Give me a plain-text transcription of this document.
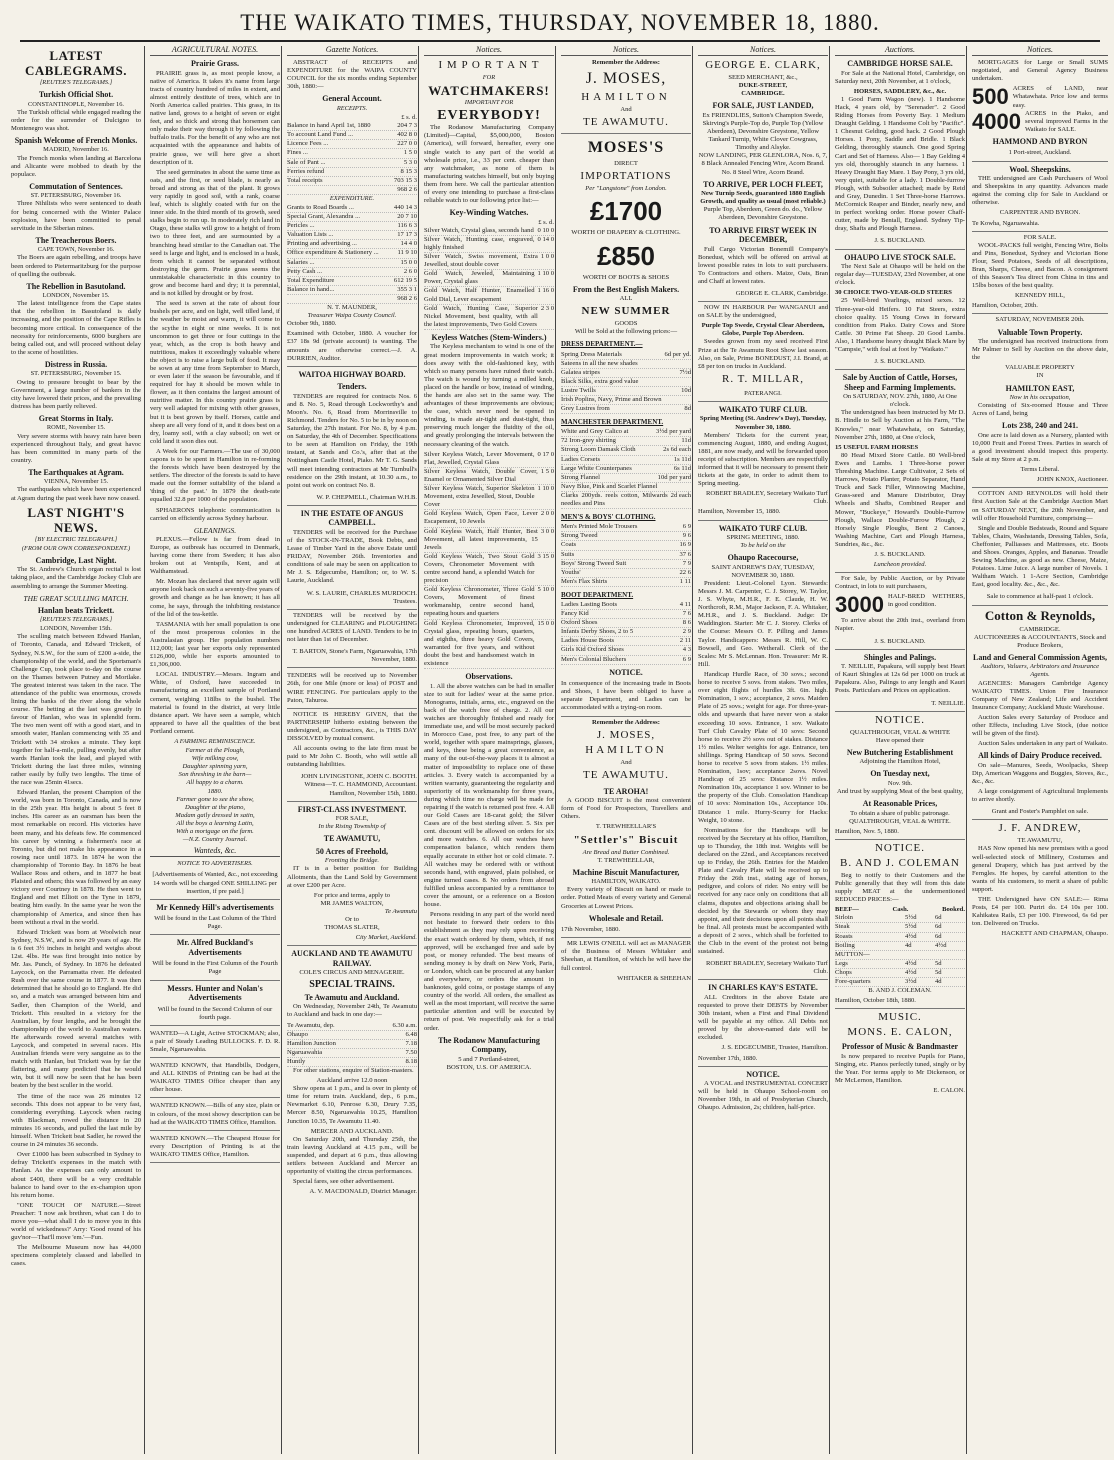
THE WAIKATO TIMES, THURSDAY, NOVEMBER 18, 1880.
LATEST CABLEGRAMS.
[REUTER'S TELEGRAMS.]
Turkish Official Shot.
CONSTANTINOPLE, November 16.

The Turkish official while engaged reading the order for the surrender of Dulcigno to Montenegro was shot.

Spanish Welcome of French Monks.
MADRID, November 16.

The French monks when landing at Barcelona and Alicante were mobbed to death by the populace.

Commutation of Sentences.
ST. PETERSBURG, November 16.

Three Nihilists who were sentenced to death for being concerned with the Winter Palace explosion, have been committed to penal servitude in the Siberian mines.

The Treacherous Boers.
CAPE TOWN, November 16.

The Boers are again rebelling, and troops have been ordered to Pietermaritzburg for the purpose of quelling the outbreak.

The Rebellion in Basutoland.
LONDON, November 15.

The latest intelligence from the Cape states that the rebellion in Basutoland is daily increasing, and the position of the Cape Rifles is becoming more critical. In consequence of the necessity for reinforcements, 6000 burghers are being called out, and will proceed without delay to the scene of hostilities.

Distress in Russia.
ST. PETERSBURG, November 15.

Owing to pressure brought to bear by the Government, a large number of bankers in the city have lowered their prices, and the prevailing distress has been partly relieved.

Great Storms in Italy.
ROME, November 15.

Very severe storms with heavy rain have been experienced throughout Italy, and great havoc has been committed in many parts of the country.

The Earthquakes at Agram.
VIENNA, November 15.

The earthquakes which have been experienced at Agram during the past week have now ceased.

LAST NIGHT'S NEWS.
[BY ELECTRIC TELEGRAPH.]
(FROM OUR OWN CORRESPONDENT.)
Cambridge, Last Night.

The St. Andrew's Church organ recital is lost taking place, and the Cambridge Jockey Club are assembling to arrange the Summer Meeting.

THE GREAT SCULLING MATCH.
Hanlan beats Trickett.
[REUTER'S TELEGRAMS.]
LONDON, November 15th.

The sculling match between Edward Hanlan, of Toronto, Canada, and Edward Trickett, of Sydney, N.S.W., for the sum of £200 a-side, the championship of the world, and the Sportsman's Challenge Cup, took place to-day on the course on the Thames between Putney and Mortlake. The greatest interest was taken in the race. The attendance of the public was enormous, crowds lining the banks of the river along the whole course. The betting at the last was greatly in favour of Hanlan, who was in splendid form. The two men went off with a good start, and in smooth water, Hanlan commencing with 35 and Trickett with 34 strokes a minute. They kept together for half-a-mile, pulling evenly, but after wards Hanlan took the lead, and played with Trickett during the last three miles, winning rather easily by fully two lengths. The time of the race was 25min 41secs.

Edward Hanlan, the present Champion of the world, was born in Toronto, Canada, and is now in the 25th year. His height is about 5 feet 8 inches. His career as an oarsman has been the most remarkable on record. His victories have been many, and his defeats few. He commenced his career by winning a fishermen's race at Toronto, but did not make his appearance in a rowing race until 1873. In 1874 he won the championship of Toronto Bay. In 1876 he beat Wallace Ross and others, and in 1877 he beat Plaisted and others; this was followed by an easy victory over Courtney in 1878. He then went to England and met Elliott on the Tyne in 1879, beating him easily. In the same year he won the championship of America, and since then has been without a rival in the world.

Edward Trickett was born at Woolwich near Sydney, N.S.W., and is now 29 years of age. He is 6 feet 3½ inches in height and weighs about 12st. 4lbs. He was first brought into notice by Mr. Jas. Punch, of Sydney. In 1876 he defeated Laycock, on the Parramatta river. He defeated Rush over the same course in 1877. It was then determined that he should go to England. He did so, and a match was arranged between him and Sadler, then Champion of the World, and Trickett. This resulted in a victory for the Australian, by four lengths, and he brought the championship of the world to Australian waters. He afterwards rowed several matches with Laycock, and competed in several races. His Australian friends were very sanguine as to the match with Hanlan, but Trickett was by far the flattering, and many predicted that he would win, but it will now be seen that he has been beaten by the best sculler in the world.

The time of the race was 26 minutes 12 seconds. This does not appear to be very fast, considering everything. Laycock when racing with Blackman, rowed the distance in 20 minutes 16 seconds, and pulled the last mile by himself. When Trickett beat Sadler, he rowed the course in 24 minutes 36 seconds.

Over £1000 has been subscribed in Sydney to defray Trickett's expenses in the match with Hanlan. As the expenses can only amount to about £400, there will be a very creditable balance to hand over to the ex-champion upon his return home.

"ONE TOUCH OF NATURE.—Street Preacher: 'I now ask brethren, what can I do to move you—what shall I do to move you in this world of wickedness?' Arry: 'Good round of his guv'nor—That'll move 'em.'—Fun.

The Melbourne Museum now has 44,000 specimens completely classed and labelled in cases.

AGRICULTURAL NOTES.
Prairie Grass.

PRAIRIE grass is, as most people know, a native of America. It takes it's name from large tracts of country hundred of miles in extent, and almost entirely destitute of trees, which are in North America called prairies. This grass, in its native land, grows to a height of seven or eight feet, and so thick and strong that horsemen can only make their way through it by following the buffalo trails. For the benefit of any who are not acquainted with the appearance and habits of prairie grass, we will here give a short description of it.

The seed germinates in about the same time as oats, and the first, or seed blade, is nearly as broad and strong as that of the plant. It grows very rapidly in good soil, with a rank, coarse leaf, which is slightly coated with fur on the inner side. In the third month of its growth, seed stalks begin to run up. In moderately rich land in Otago, these stalks will grow to a height of from two to three feet, and are surmounted by a branching head similar to the Canadian oat. The seed is large and light, and is enclosed in a husk, from which it cannot be separated without destroying the germ. Prairie grass seems the unmistakable characteristic in this country to grow and become hard and dry; it is perennial, and is not killed by drought or by frost.

The seed is sown at the rate of about four bushels per acre, and on light, well tilled land, if the weather be moist and warm, it will come to the scythe in eight or nine weeks. It is not uncommon to get three or four cuttings in the year, which, as the crop is both heavy and nutritious, makes it exceedingly valuable where the object is to raise a large bulk of food. It may be sown at any time from September to March, or even later if the season be favourable, and if required for hay it should be mown while in flower, as it then contains the largest amount of nutritive matter. In this country prairie grass is very well adapted for mixing with other grasses, but it is best grown by itself. Horses, cattle and sheep are all very fond of it, and it does best on a dry, loamy soil, with a clay subsoil; on wet or cold land it soon dies out.

A Week for our Farmers.—The use of 30,000 capons is to be spent in Hamilton in re-forming the forests which have been destroyed by the settlers. The director of the forests is said to have made out the former suitability of the island a 'thing of the past.' In 1879 the death-rate equalled 32.8 per 1000 of the population.

SPHAERONS telephonic communication is carried on efficiently across Sydney harbour.

GLEANINGS.

PLEXUS.—Fellow is far from dead in Europe, as outbreak has occurred in Denmark, having come there from Sweden; it has also broken out at Ventspils, Kent, and at Walthamstead.

Mr. Mozan has declared that never again will anyone look back on such a seventy-five years of growth and change as he has known; it has all come, he says, through the inhibiting resistance of the lid of the tea-kettle.

TASMANIA with her small population is one of the most prosperous colonies in the Australasian group. Her population numbers 112,000; last year her exports only represented £126,000, while her exports amounted to £1,306,000.

LOCAL INDUSTRY.—Messrs. Ingram and White, of Oxford, have succeeded in manufacturing an excellent sample of Portland cement, weighing 118lbs to the bushel. The material is found in the district, at very little distance apart. We have seen a sample, which appeared to have all the qualities of the best Portland cement.

A FARMING REMINISCENCE.
Farmer at the Plough,
Wife milking cow,
Daughter spinning yarn,
Son threshing in the barn—
All happy to a charm.
1880.
Farmer gone to see the show,
Daughter at the piano,
Madam gaily dressed in satin,
All the boys a learning Latin,
With a mortgage on the farm.
—N.Z. Country Journal.
Wanteds, &c.
NOTICE TO ADVERTISERS.
[Advertisements of Wanted, &c., not exceeding 14 words will be charged ONE SHILLING per insertion, if pre paid.]
Mr Kennedy Hill's advertisements
Will be found in the Last Column of the Third Page.
Mr. Alfred Buckland's Advertisements
Will be found in the First Column of the Fourth Page
Messrs. Hunter and Nolan's Advertisements
Will be found in the Second Column of our fourth page.
WANTED—A Light, Active STOCKMAN; also, a pair of Steady Leading BULLOCKS. F. D. R. Smale, Ngaruawahia.
WANTED KNOWN, that Handbills, Dodgers, and ALL KINDS of Printing can be had at the WAIKATO TIMES Office cheaper than any other house.
WANTED KNOWN.—Bills of any size, plain or in colours, of the most showy description can be had at the WAIKATO TIMES Office, Hamilton.
WANTED KNOWN.—The Cheapest House for every Description of Printing is at the WAIKATO TIMES Office, Hamilton.
Gazette Notices.

ABSTRACT of RECEIPTS and EXPENDITURE for the WAIPA COUNTY COUNCIL for the six months ending September 30th, 1880:—

General Account.
RECEIPTS.
£ s. d.
Balance in hand April 1st, 1880	204 7 3
To account Land Fund ...	402 8 0
Licence Fees ...	227 0 0
Fines ...	1 5 0
Sale of Pant ...	5 3 0
Ferries refund	8 15 3
Total receipts	703 15 3
968 2 6
EXPENDITURE.
Grants to Road Boards ...	440 14 3
Special Grant, Alexandra ...	20 7 10
Pericles ...	116 6 3
Valuation Lists ...	17 17 3
Printing and advertising ...	14 4 0
Office expenditure & Stationery ...	11 9 10
Salaries ...	15 0 0
Petty Cash ...	2 6 0
Total Expenditure	612 19 5
Balance in hand...	355 3 1
968 2 6
N. T. MAUNDER,
Treasurer Waipa County Council.
October 9th, 1880.
Examined with October, 1880. A voucher for £37 18s 9d (private account) is wanting. The amounts are otherwise correct.—J. A. DURRIEN, Auditor.
WAITOA HIGHWAY BOARD.
Tenders.

TENDERS are required for contracts Nos. 6 and 8. No. 5, Road through Lockworthy's and Moon's. No. 6, Road from Morrinsville to Richmond. Tenders for No. 5 to be in by noon on Saturday, the 27th instant. For No. 8, by 4 p.m. on Saturday, the 4th of December. Specifications to be seen at Hamilton on Friday, the 19th instant, at Sands and Co.'s, after that at the Nottingham Castle Hotel, Piako. Mr T. G. Sands will meet intending contractors at Mr Turnbull's residence on the 29th instant, at 10.30 a.m., to point out work on contract No. 8.

W. P. CHEPMELL, Chairman W.H.B.
IN THE ESTATE OF ANGUS CAMPBELL.

TENDERS will be received for the Purchase of the STOCK-IN-TRADE, Book Debts, and Lease of Timber Yard in the above Estate until FRIDAY, November 26th. Inventories and conditions of sale may be seen on application to Mr J. S. Edgecumbe, Hamilton; or, to W. S. Laurie, Auckland.

W. S. LAURIE, CHARLES MURDOCH. Trustees.

TENDERS will be received by the undersigned for CLEARING and PLOUGHING one hundred ACRES of LAND. Tenders to be in not later than 1st of December.

T. BARTON, Stone's Farm, Ngaruawahia, 17th November, 1880.
TENDERS will be received up to November 26th, for one Mile (more or less) of POST and WIRE FENCING. For particulars apply to the Paton, Tahuroa.

NOTICE IS HEREBY GIVEN, that the PARTNERSHIP hitherto existing between the undersigned, as Contractors, &c., is THIS DAY DISSOLVED by mutual consent.

All accounts owing to the late firm must be paid to Mr John C. Booth, who will settle all outstanding liabilities.

JOHN LIVINGSTONE, JOHN C. BOOTH. Witness—T. C. HAMMOND, Accountant. Hamilton, November 15th, 1880.
FIRST-CLASS INVESTMENT.
FOR SALE,
In the Rising Township of
TE AWAMUTU,
50 Acres of Freehold,
Fronting the Bridge.

IT is in a better position for Building Allotments, than the Land Sold by Government at over £200 per Acre.

For price and terms, apply to
MR JAMES WALTON,
Te Awamutu
Or to
THOMAS SLATER,
City Market, Auckland.
AUCKLAND AND TE AWAMUTU RAILWAY.
COLE'S CIRCUS AND MENAGERIE.
SPECIAL TRAINS.
Te Awamutu and Auckland.

On Wednesday, November 24th, Te Awamutu to Auckland and back in one day:—

Te Awamutu, dep.	6.30 a.m.
Ohaupo	6.48
Hamilton Junction	7.18
Ngaruawahia	7.50
Huntly	8.18

For other stations, enquire of Station-masters.

Auckland arrive 12.0 noon

Show opens at 1 p.m., and is over in plenty of time for return train. Auckland, dep., 6 p.m., Newmarket 6.10, Penrose 6.30, Drury 7.35, Mercer 8.50, Ngaruawahia 10.25, Hamilton Junction 10.35, Te Awamutu 11.40.

MERCER AND AUCKLAND.

On Saturday 20th, and Thursday 25th, the train leaving Auckland at 4.15 p.m., will be suspended, and depart at 6 p.m., thus allowing settlers between Auckland and Mercer an opportunity of visiting the circus performances.

Special fares, see other advertisement.

A. V. MACDONALD, District Manager.
Notices.
I M P O R T A N T
FOR
WATCHMAKERS!
IMPORTANT FOR
EVERYBODY!

The Rodanow Manufacturing Company (Limited)—Capital, $5,000,000, Boston (America), will forward, hereafter, every one single watch to any part of the world at wholesale price, i.e., 33 per cent. cheaper than any watchmaker, as none of them is manufacturing watches himself, but only buying them from here. We call the particular attention of every one intending to purchase a first-class reliable watch to our following price list:—

Key-Winding Watches.
£ s. d.
Silver Watch, Crystal glass, seconds hand 0 10 0
Silver Watch, Hunting case, engraved, highly finished
0 14 0
Silver Watch, Swiss movement, Extra Jewelled, stout double cover
1 0 0
Gold Watch, Jeweled, Maintaining Power, Crystal glass
1 10 0
Gold Watch, Half Hunter, Enamelled Gold Dial, Lever escapement
1 16 0
Gold Watch, Hunting Case, Superior Nickel Movement, best quality, with all the latest improvements, Two Gold Covers
2 3 0
Keyless Watches (Stem-Winders.)

The Keyless mechanism to wind is one of the great modern improvements in watch work; it does away with the old-fashioned key, with which so many persons have ruined their watch. The watch is wound by turning a milled knob, placed on the handle or bow, instead of winding, the hands are also set in the same way. The advantages of these improvements are obvious; the case, which never need be opened in winding, is made air-tight and dust-tight, thus preserving much longer the fluidity of the oil, and greatly prolonging the intervals between the necessary cleaning of the watch.

Silver Keyless Watch, Lever Movement, Flat, Jewelled, Crystal Glass
0 17 0
Silver Keyless Watch, Double Cover, Enamel or Ornamented Silver Dial
1 5 0
Silver Keyless Watch, Superior Skeleton Movement, extra Jewelled, Stout, Double Cover
1 10 0
Gold Keyless Watch, Open Face, Lever Escapement, 10 Jewels
2 0 0
Gold Keyless Watch, Half Hunter, Best Movement, all latest improvements, 15 Jewels
3 0 0
Gold Keyless Watch, Two Stout Gold Covers, Chronometer Movement with centre second hand, a splendid Watch for precision
3 15 0
Gold Keyless Chronometer, Three Gold Covers, Movement of finest workmanship, centre second hand, repeating hours and quarters
5 10 0
Gold Keyless Chronometer, Improved, Crystal glass, repeating hours, quarters, and eighths, three heavy Gold Covers, warranted for five years, and without doubt the best and handsomest watch in existence
15 0 0
Observations.

1. All the above watches can be had in smaller size to suit for ladies' wear at the same price. Monograms, initials, arms, etc., engraved on the back of the watch free of charge. 2. All our watches are thoroughly finished and ready for immediate use, and will be most securely packed in Morocco Case, post free, to any part of the world, together with spare mainsprings, glasses, and keys, these being a great convenience, as many of the out-of-the-way places it is almost a matter of impossibility to replace one of these articles. 3. Every watch is accompanied by a written warranty, guaranteeing the regularity and superiority of its workmanship for three years, during which time no charge will be made for repairing if the watch is returned post free. 4. All our Gold Cases are 18-carat gold; the Silver Cases are of the best sterling silver. 5. Six per cent. discount will be allowed on orders for six and more watches. 6. All our watches have compensation balance, which renders them equally accurate in either hot or cold climate. 7. All watches may be ordered with or without seconds hand, with engraved, plain polished, or engine turned cases. 8. No orders from abroad fulfilled unless accompanied by a remittance to cover the amount, or a reference on a Boston house.

Persons residing in any part of the world need not hesitate to forward their orders to this establishment as they may rely upon receiving the exact watch ordered by them, which, if not approved, will be exchanged free and safe by post, or money refunded. The best means of sending money is by draft on New York, Paris, or London, which can be procured at any banker and everywhere, or orders the amount in banknotes, gold coins, or postage stamps of any country of the world. All orders, the smallest as well as the most important, will receive the same particular attention and will be executed by return of post. We respectfully ask for a trial order.

The Rodanow Manufacturing Company,
5 and 7 Portland-street,
BOSTON, U.S. OF AMERICA.
Notices.
Remember the Address:
J. MOSES,
HAMILTON
And
TE AWAMUTU.
MOSES'S
DIRECT
IMPORTATIONS
Per "Langstone" from London.
£1700
WORTH OF DRAPERY & CLOTHING.
£850
WORTH OF BOOTS & SHOES
From the Best English Makers.
ALL
NEW SUMMER
GOODS
Will be Sold at the following prices:—
DRESS DEPARTMENT.—
Spring Dress Materials	6d per yd.
Sateens in all the new shades
Galatea stripes	7½d
Black Silks, extra good value
Lustre Twills	10d
Irish Poplins, Navy, Prime and Brown
Grey Lustres from	8d
MANCHESTER DEPARTMENT.
White and Grey Calico at	3½d per yard
72 Iron-grey shirting	11d
Strong Loom Damask Cloth	2s 6d each
Ladies Corsets	1s 11d
Large White Counterpanes	6s 11d
Strong Flannel	10d per yard
Navy Blue, Pink and Scarlet Flannel
Clarks 200yds. reels cotton, Milwards needles and Pins
2d each
MEN'S & BOYS' CLOTHING.
Men's Printed Mole Trousers	6 9
Strong Tweed	9 6
Coats	16 9
Suits	37 6
Boys' Strong Tweed Suit	7 9
Youths'	22 6
Men's Flax Shirts	1 11
BOOT DEPARTMENT.
Ladies Lasting Boots	4 11
Fancy Kid	7 6
Oxford Shoes	8 6
Infants Derby Shoes, 2 to 5	2 9
Ladies House Boots	2 11
Girls Kid Oxford Shoes	4 3
Men's Colonial Bluchers	6 9
NOTICE.
In consequence of the increasing trade in Boots and Shoes, I have been obliged to have a separate Department, and Ladies can be accommodated with a trying-on room.
Remember the Address:
J. MOSES,
HAMILTON
And
TE AWAMUTU.
TE AROHA!

A GOOD BISCUIT is the most convenient form of Food for Prospectors, Travellers and Others.

T. TREWHEELLAR'S
"Settler's" Biscuit
Are Bread and Butter Combined.
T. TREWHEELLAR,
Machine Biscuit Manufacturer,
HAMILTON, WAIKATO.

Every variety of Biscuit on hand or made to order. Potted Meats of every variety and General Groceries at Lowest Prices.

Wholesale and Retail.
17th November, 1880.

MR LEWIS O'NEILL will act as MANAGER of the Business of Messrs Whitaker and Sheehan, at Hamilton, of which he will have the full control.

WHITAKER & SHEEHAN
Notices.
GEORGE E. CLARK,
SEED MERCHANT, &c.,
DUKE-STREET,
CAMBRIDGE.
FOR SALE, JUST LANDED,
Ex FRIENDLIES, Sutton's Champion Swede, Skirving's Purple-Top do, Purple Top (Yellow Aberdeen), Devonshire Greystone, Yellow Tankard Turnip, White Clover Cowgrass, Timothy and Alsyke.
NOW LANDING, PER GLENLORA, Nos. 6, 7, 8 Black Annealed Fencing Wire, Acorn Brand. No. 8 Steel Wire, Acorn Brand.
TO ARRIVE, PER LOCH FLEET,
New Turnip Seeds, guaranteed 1880 English Growth, and quality as usual (most reliable.)
Purple Top, Aberdeen, Green do. do., Yellow Aberdeen, Devonshire Greystone.
TO ARRIVE FIRST WEEK IN DECEMBER,

Full Cargo Victorian Bonemill Company's Bonedust, which will be offered on arrival at lowest possible rates in lots to suit purchasers. To Contractors and others. Maize, Oats, Bran and Chaff at lowest rates.

GEORGE E. CLARK, Cambridge.

NOW IN HARBOUR Per WANGANUI and on SALE by the undersigned,

Purple Top Swede, Crystal Clear Aberdeen, Globe, Purple Top Aberdeen.

Swedes grown from my seed received First Prize at the Te Awamutu Root Show last season. Also, on Sale, Prime BONEDUST, J.I. Brand, at £8 per ton on trucks in Auckland.

R. T. MILLAR,
PATERANGI.
WAIKATO TURF CLUB.
Spring Meeting (St. Andrew's Day), Tuesday, November 30, 1880.

Members' Tickets for the current year, commencing August, 1880, and ending August, 1881, are now ready, and will be forwarded upon receipt of subscription. Members are respectfully informed that it will be necessary to present their tickets at the gate, in order to admit them to Spring meeting.

ROBERT BRADLEY, Secretary Waikato Turf Club.
Hamilton, November 15, 1880.
WAIKATO TURF CLUB.
SPRING MEETING, 1880.
To be held on the
Ohaupo Racecourse,
SAINT ANDREW'S DAY, TUESDAY,
NOVEMBER 30, 1880.

President: Lieut.-Colonel Lyon. Stewards: Messrs J. M. Carpenter, C. J. Storey, W. Taylor, J. S. Whyte, M.H.R., F. E. Claude, H. W. Northcroft, R.M., Major Jackson, F. A. Whitaker, M.H.R., and J. S. Buckland. Judge: Dr Waddington. Starter: Mr C. J. Storey. Clerks of the Course: Messrs O. F. Pilling and James Taylor. Handicappers: Messrs R. Hill, W. C. Bowsell, and Geo. Wetherall. Clerk of the Scales: Mr S. McLennan. Hon. Treasurer: Mr R. Hill.

Handicap Hurdle Race, of 30 sovs.; second horse to receive 5 sovs. from stakes. Two miles, over eight flights of hurdles 3ft. 6in. high. Nomination, 1 sov.; acceptance, 2 sovs. Maiden Plate of 25 sovs.; weight for age. For three-year-olds and upwards that have never won a stake exceeding 10 sovs. Entrance, 1 sov. Waikato Turf Club Cavalry Plate of 10 sovs: Second horse to receive 2½ sovs out of stakes. Distance 1½ miles. Welter weights for age. Entrance, ten shillings. Spring Handicap of 50 sovs. Second horse to receive 5 sovs from stakes. 1½ miles. Nomination, 1sov; acceptance 2sovs. Novel Handicap of 25 sovs: Distance 1½ miles. Nomination 10s, acceptance 1 sov. Winner to be the property of the Club. Consolation Handicap of 10 sovs: Nomination 10s., Acceptance 10s. Distance 1 mile. Hurry-Scurry for Hacks: Weight, 10 stone.

Nominations for the Handicaps will be received by the Secretary at his office, Hamilton, up to Thursday, the 18th inst. Weights will be declared on the 22nd., and Acceptances received up to Friday, the 26th. Entries for the Maiden Plate and Cavalry Plate will be received up to Friday the 26th inst., stating age of horses, pedigree, and colors of rider. No entry will be received for any race only on conditions that all claims, disputes and objections arising shall be decided by the Stewards or whom they may appoint, and their decisions upon all points shall be final. All protests must be accompanied with a deposit of 2 sovs., which shall be forfeited to the Club in the event of the protest not being sustained.

ROBERT BRADLEY, Secretary Waikato Turf Club.
IN CHARLES KAY'S ESTATE.

ALL Creditors in the above Estate are requested to prove their DEBTS by November 30th instant, when a First and Final Dividend will be payable at my office. All Debts not proved by the above-named date will be excluded.

J. S. EDGECUMBE, Trustee, Hamilton.
November 17th, 1880.
NOTICE.

A VOCAL and INSTRUMENTAL CONCERT will be held in Ohaupo School-room on November 19th, in aid of Presbyterian Church, Ohaupo. Admission, 2s; children, half-price.

Auctions.
CAMBRIDGE HORSE SALE.

For Sale at the National Hotel, Cambridge, on Saturday next, 20th November, at 1 o'clock,

HORSES, SADDLERY, &c., &c.

1 Good Farm Wagon (new). 1 Handsome Hack, 4 years old, by "Serenader". 2 Good Riding Horses from Poverty Bay. 1 Medium Draught Gelding. 1 Handsome Colt by "Pacific". 1 Chesnut Gelding, good hack. 2 Good Plough Horses. 1 Pony, Saddle and Bridle. 1 Black Gelding, thoroughly staunch. One good Spring Cart and Set of Harness. Also— 1 Bay Gelding 4 yrs old, thoroughly staunch in any harness. 1 Heavy Draught Bay Mare. 1 Bay Pony, 3 yrs old, very quiet, suitable for a lady. 1 Double-furrow Plough, with Subsoiler attached; made by Reid and Gray, Dunedin. 1 Set Three-horse Harrows. McCormick Reaper and Binder, nearly new, and in perfect working order. Horse power Chaff-cutter, made by Bentall, England. Sydney Tip-dray, Shafts and Plough Harness.

J. S. BUCKLAND.
OHAUPO LIVE STOCK SALE.

The Next Sale at Ohaupo will be held on the regular day—TUESDAY, 23rd November, at one o'clock.

30 CHOICE TWO-YEAR-OLD STEERS

25 Well-bred Yearlings, mixed sexes. 12 Three-year-old Heifers. 10 Fat Steers, extra choice quality. 15 Young Cows in forward condition from Piako. Dairy Cows and Store Cattle. 30 Prime Fat Sheep. 20 Good Lambs. Also, 1 Handsome heavy draught Black Mare by "Campsie," with foal at foot by "Waikato."

J. S. BUCKLAND.
Sale by Auction of Cattle, Horses, Sheep and Farming Implements.
On SATURDAY, NOV. 27th, 1880, At One o'clock.

The undersigned has been instructed by Mr D. B. Hindle to Sell by Auction at his Farm, "The Knowles," near Whatawhata, on Saturday, November 27th, 1880, at One o'clock,

15 USEFUL FARM HORSES

80 Head Mixed Store Cattle. 80 Well-bred Ewes and Lambs. 1 Three-horse power Threshing Machine. Large Cultivator, 2 Sets of Harrows, Potato Planter, Potato Separator, Hand Truck and Sack Filler, Winnowing Machine, Grass-seed and Manure Distributor, Dray Wheels and Shafts, Combined Reaper and Mower, "Buckeye," Howard's Double-Furrow Plough, Wallace Double-Furrow Plough, 2 Horsely Single Ploughs, Bent 2 Canoes, Washing Machine, Cart and Plough Harness, Sundries, &c., &c.

J. S. BUCKLAND.
Luncheon provided.

For Sale, by Public Auction, or by Private Contract, in lots to suit purchasers,

3000 HALF-BRED WETHERS, in good condition.

To arrive about the 20th inst., overland from Napier.

J. S. BUCKLAND.
Shingles and Palings.

T. NEILLIE, Papakura, will supply best Heart of Kauri Shingles at 12s 6d per 1000 on truck at Papakura. Also, Palings to any length and Kauri Posts. Particulars and Prices on application.

T. NEILLIE.
NOTICE.
QUALTHROUGH, VEAL & WHITE
Have opened their
New Butchering Establishment
Adjoining the Hamilton Hotel,
On Tuesday next,
Nov. 9th.
And trust by supplying Meat of the best quality,
At Reasonable Prices,
To obtain a share of public patronage.
QUALTHROUGH, VEAL & WHITE.
Hamilton, Nov. 5, 1880.
NOTICE.
B. AND J. COLEMAN

Beg to notify to their Customers and the Public generally that they will from this date supply MEAT at the undermentioned REDUCED PRICES:—

BEEF—	Cash.	Booked.
Sirloin	5½d	6d
Steak	5½d	6d
Roasts	4½d	6d
Boiling	4d	4½d
MUTTON—
Legs	4½d	5d
Chops	4½d	5d
Fore-quarters	3½d	4d
B. AND J. COLEMAN.
Hamilton, October 18th, 1880.
MUSIC.
MONS. E. CALON,
Professor of Music & Bandmaster

Is now prepared to receive Pupils for Piano, Singing, etc. Pianos perfectly tuned, singly or by the Year. For terms apply to Mr Dickenson, or Mr McLernon, Hamilton.

E. CALON.
Notices.

MORTGAGES for Large or Small SUMS negotiated, and General Agency Business undertaken.

500 ACRES of LAND, near Whatawhata. Price low and terms easy.
4000 ACRES in the Piako, and several improved Farms in the Waikato for SALE.
HAMMOND AND BYRON
1 Port-street, Auckland.
Wool. Sheepskins.

THE undersigned are Cash Purchasers of Wool and Sheepskins in any quantity. Advances made against the coming clip for Sale in Auckland or otherwise.

CARPENTER AND BYRON.
Te Kowha, Ngaruawahia.
FOR SALE.

WOOL-PACKS full weight, Fencing Wire, Bolts and Pins, Bonedust, Sydney and Victorian Bone Flour, Seed Potatoes, Seeds of all descriptions, Bran, Sharps, Cheese, and Bacon. A consignment of this Season's Tea direct from China in tins and 15lbs boxes of the best quality.

KENNEDY HILL,
Hamilton, October, 20th.
SATURDAY, NOVEMBER 20th.
Valuable Town Property.

The undersigned has received instructions from Mr Palmer to Sell by Auction on the above date, the

VALUABLE PROPERTY
IN
HAMILTON EAST,
Now in his occupation,

Consisting of Six-roomed House and Three Acres of Land, being

Lots 238, 240 and 241.

One acre is laid down as a Nursery, planted with 10,000 Fruit and Forest Trees. Parties in search of a good investment should inspect this property. Sale at my Store at 2 p.m.

Terms Liberal.
JOHN KNOX, Auctioneer.

COTTON AND REYNOLDS will hold their first Auction Sale at the Cambridge Auction Mart on SATURDAY NEXT, the 20th November, and will offer Household Furniture, comprising—

Single and Double Bedsteads, Round and Square Tables, Chairs, Washstands, Dressing Tables, Sofa, Cheffonier, Palliasses and Mattresses, etc. Boots and Shoes. Oranges, Apples, and Bananas. Treadle Sewing Machine, as good as new. Cheese, Maize, Potatoes. Lime Juice. A large number of Novels. 1 Waltham Watch. 1 1-Acre Section, Cambridge East, good locality. &c., &c., &c.

Sale to commence at half-past 1 o'clock.
Cotton & Reynolds,
CAMBRIDGE.
AUCTIONEERS & ACCOUNTANTS, Stock and Produce Brokers,
Land and General Commission Agents,
Auditors, Valuers, Arbitrators and Insurance Agents.

AGENCIES: Managers Cambridge Agency WAIKATO TIMES. Union Fire Insurance Company of New Zealand; Life and Accident Insurance Company; Auckland Music Warehouse.

Auction Sales every Saturday of Produce and other Effects, including Live Stock, (due notice will be given of the first).

Auction Sales undertaken in any part of Waikato.

All kinds of Dairy Produce received.

On sale—Manures, Seeds, Woolpacks, Sheep Dip, American Waggons and Buggies, Stoves, &c., &c., &c.

A large consignment of Agricultural Implements to arrive shortly.

Grant and Foster's Pamphlet on sale.
J. F. ANDREW,
TE AWAMUTU,

HAS Now opened his new premises with a good well-selected stock of Millinery, Costumes and general Drapery, which has just arrived by the Ferngles. He hopes, by careful attention to the wants of his customers, to merit a share of public support.

THE Undersigned have ON SALE:— Rima Posts, £4 per 100. Puriri do. £4 10s per 100. Kahikatea Rails, £3 per 100. Firewood, 6s 6d per ton. Delivered on Trucks.

HACKETT AND CHAPMAN, Ohaupo.
